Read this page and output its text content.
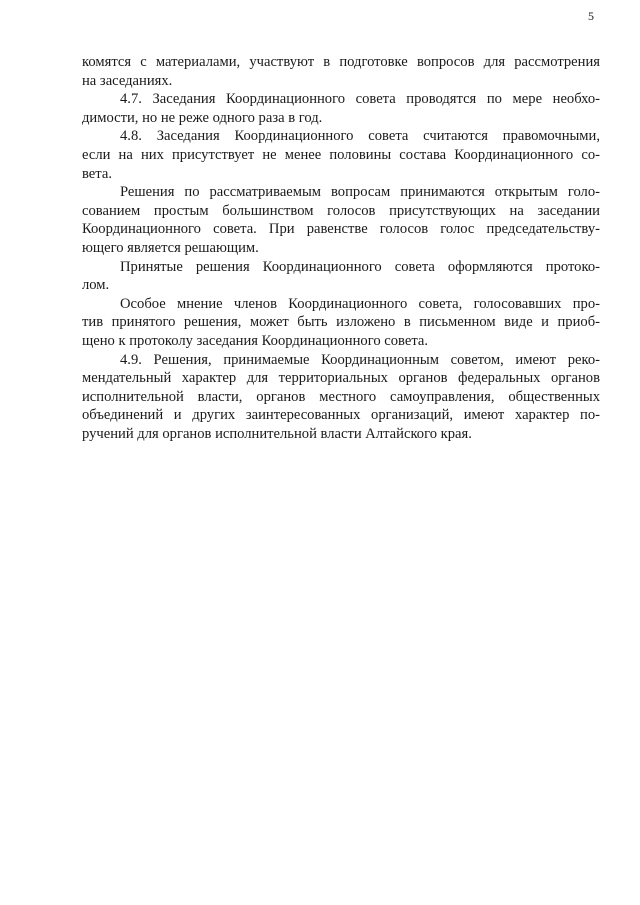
5
комятся с материалами, участвуют в подготовке вопросов для рассмотрения
на заседаниях.
4.7. Заседания Координационного совета проводятся по мере необхо-
димости, но не реже одного раза в год.
4.8. Заседания Координационного совета считаются правомочными,
если на них присутствует не менее половины состава Координационного со-
вета.
Решения по рассматриваемым вопросам принимаются открытым голо-
сованием простым большинством голосов присутствующих на заседании
Координационного совета. При равенстве голосов голос председательству-
ющего является решающим.
Принятые решения Координационного совета оформляются протоко-
лом.
Особое мнение членов Координационного совета, голосовавших про-
тив принятого решения, может быть изложено в письменном виде и приоб-
щено к протоколу заседания Координационного совета.
4.9. Решения, принимаемые Координационным советом, имеют реко-
мендательный характер для территориальных органов федеральных органов
исполнительной власти, органов местного самоуправления, общественных
объединений и других заинтересованных организаций, имеют характер по-
ручений для органов исполнительной власти Алтайского края.
